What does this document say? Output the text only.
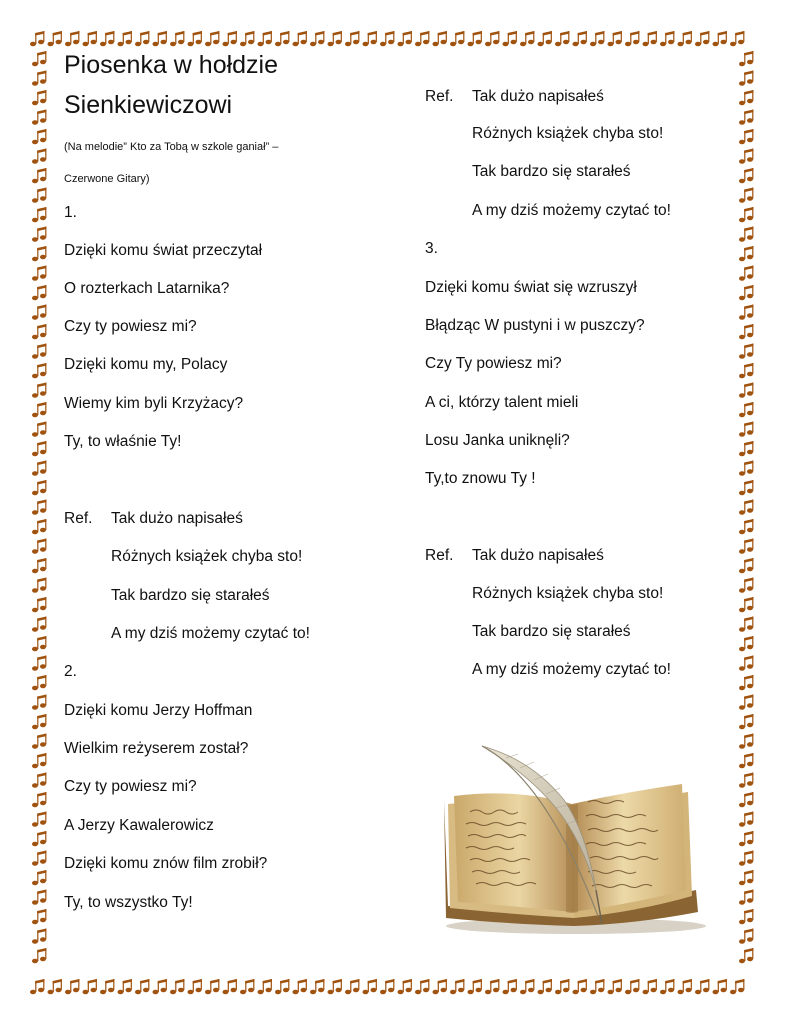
Piosenka w hołdzie
Sienkiewiczowi
(Na melodie” Kto za Tobą w szkole ganiał” –
Czerwone Gitary)
1.
Dzięki komu świat przeczytał
O rozterkach Latarnika?
Czy ty powiesz mi?
Dzięki komu my, Polacy
Wiemy kim byli Krzyżacy?
Ty, to właśnie Ty!
Ref. Tak dużo napisałeś
Różnych książek chyba sto!
Tak bardzo się starałeś
A my dziś możemy czytać to!
2.
Dzięki komu Jerzy Hoffman
Wielkim reżyserem został?
Czy ty powiesz mi?
A Jerzy Kawalerowicz
Dzięki komu znów film zrobił?
Ty, to wszystko Ty!
Ref. Tak dużo napisałeś
Różnych książek chyba sto!
Tak bardzo się starałeś
A my dziś możemy czytać to!
3.
Dzięki komu świat się wzruszył
Błądząc W pustyni i w puszczy?
Czy Ty powiesz mi?
A ci, którzy talent mieli
Losu Janka uniknęli?
Ty,to znowu Ty !
Ref. Tak dużo napisałeś
Różnych książek chyba sto!
Tak bardzo się starałeś
A my dziś możemy czytać to!
